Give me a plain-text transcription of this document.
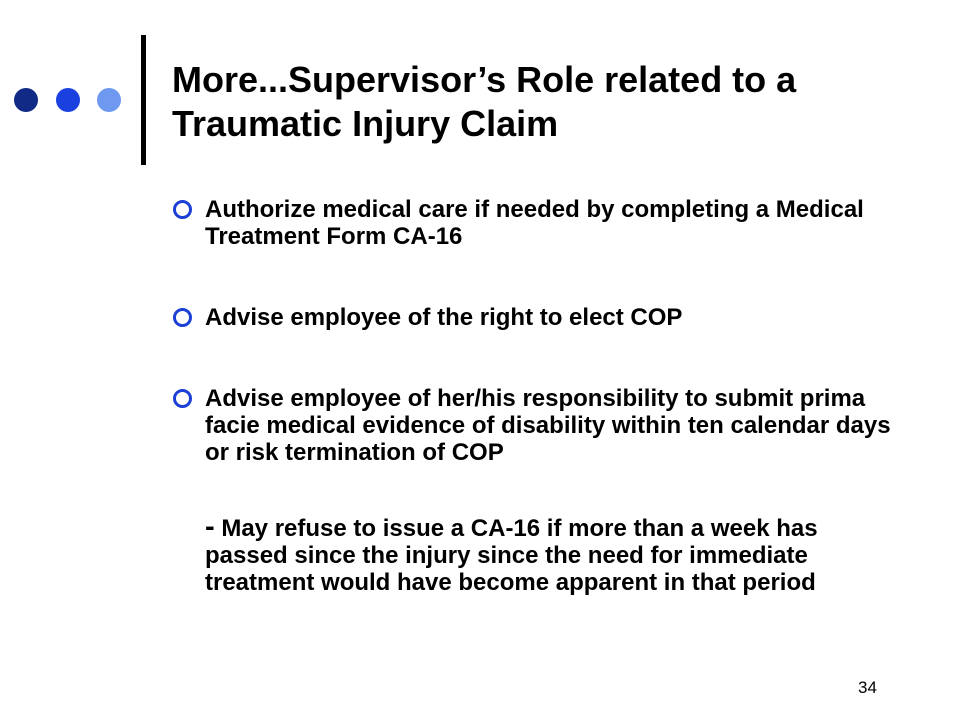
More...Supervisor’s Role related to a Traumatic Injury Claim
Authorize medical care if needed by completing a Medical Treatment Form CA-16
Advise employee of the right to elect COP
Advise employee of her/his responsibility to submit prima facie medical evidence of disability within ten calendar days or risk termination of COP

- May refuse to issue a CA-16 if more than a week has passed since the injury since the need for immediate treatment would have become apparent in that period

34
